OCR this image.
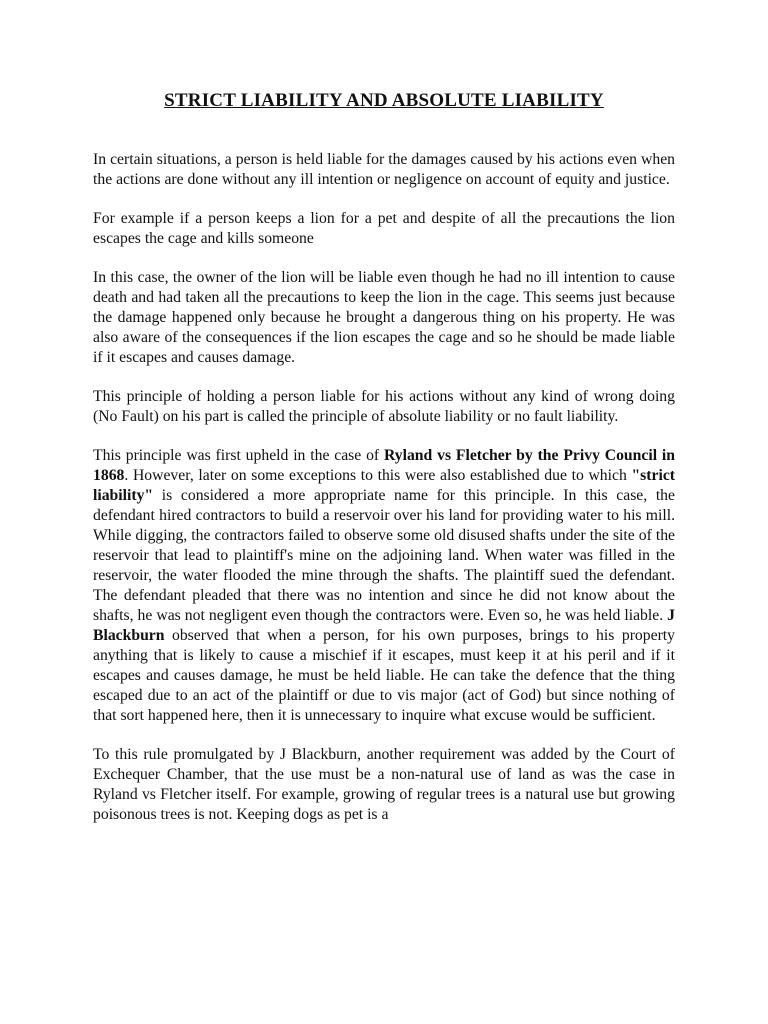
STRICT LIABILITY AND ABSOLUTE LIABILITY

In certain situations, a person is held liable for the damages caused by his actions even when the actions are done without any ill intention or negligence on account of equity and justice.

For example if a person keeps a lion for a pet and despite of all the precautions the lion escapes the cage and kills someone

In this case, the owner of the lion will be liable even though he had no ill intention to cause death and had taken all the precautions to keep the lion in the cage. This seems just because the damage happened only because he brought a dangerous thing on his property. He was also aware of the consequences if the lion escapes the cage and so he should be made liable if it escapes and causes damage.

This principle of holding a person liable for his actions without any kind of wrong doing (No Fault) on his part is called the principle of absolute liability or no fault liability.

This principle was first upheld in the case of Ryland vs Fletcher by the Privy Council in 1868. However, later on some exceptions to this were also established due to which "strict liability" is considered a more appropriate name for this principle. In this case, the defendant hired contractors to build a reservoir over his land for providing water to his mill. While digging, the contractors failed to observe some old disused shafts under the site of the reservoir that lead to plaintiff's mine on the adjoining land. When water was filled in the reservoir, the water flooded the mine through the shafts. The plaintiff sued the defendant. The defendant pleaded that there was no intention and since he did not know about the shafts, he was not negligent even though the contractors were. Even so, he was held liable. J Blackburn observed that when a person, for his own purposes, brings to his property anything that is likely to cause a mischief if it escapes, must keep it at his peril and if it escapes and causes damage, he must be held liable. He can take the defence that the thing escaped due to an act of the plaintiff or due to vis major (act of God) but since nothing of that sort happened here, then it is unnecessary to inquire what excuse would be sufficient.

To this rule promulgated by J Blackburn, another requirement was added by the Court of Exchequer Chamber, that the use must be a non-natural use of land as was the case in Ryland vs Fletcher itself. For example, growing of regular trees is a natural use but growing poisonous trees is not. Keeping dogs as pet is a
